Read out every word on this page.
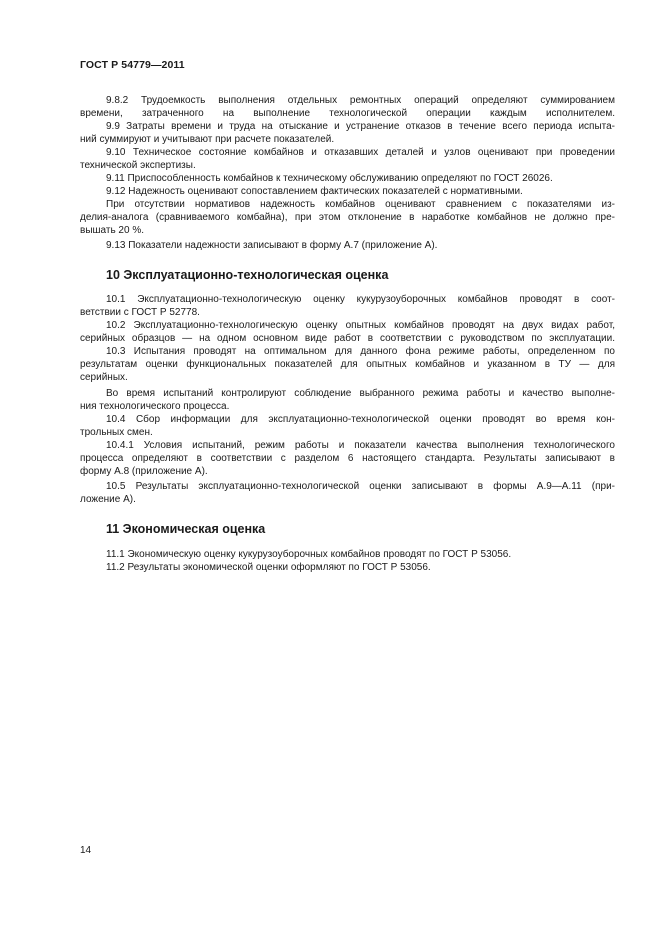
ГОСТ Р 54779—2011
9.8.2 Трудоемкость выполнения отдельных ремонтных операций определяют суммированием
времени, затраченного на выполнение технологической операции каждым исполнителем.
9.9 Затраты времени и труда на отыскание и устранение отказов в течение всего периода испыта-
ний суммируют и учитывают при расчете показателей.
9.10 Техническое состояние комбайнов и отказавших деталей и узлов оценивают при проведении
технической экспертизы.
9.11 Приспособленность комбайнов к техническому обслуживанию определяют по ГОСТ 26026.
9.12 Надежность оценивают сопоставлением фактических показателей с нормативными.
При отсутствии нормативов надежность комбайнов оценивают сравнением с показателями из-
делия-аналога (сравниваемого комбайна), при этом отклонение в наработке комбайнов не должно пре-
вышать 20 %.
9.13 Показатели надежности записывают в форму А.7 (приложение А).
10 Эксплуатационно-технологическая оценка
10.1 Эксплуатационно-технологическую оценку кукурузоуборочных комбайнов проводят в соот-
ветствии с ГОСТ Р 52778.
10.2 Эксплуатационно-технологическую оценку опытных комбайнов проводят на двух видах работ,
серийных образцов — на одном основном виде работ в соответствии с руководством по эксплуатации.
10.3 Испытания проводят на оптимальном для данного фона режиме работы, определенном по
результатам оценки функциональных показателей для опытных комбайнов и указанном в ТУ — для
серийных.
Во время испытаний контролируют соблюдение выбранного режима работы и качество выполне-
ния технологического процесса.
10.4 Сбор информации для эксплуатационно-технологической оценки проводят во время кон-
трольных смен.
10.4.1 Условия испытаний, режим работы и показатели качества выполнения технологического
процесса определяют в соответствии с разделом 6 настоящего стандарта. Результаты записывают в
форму А.8 (приложение А).
10.5 Результаты эксплуатационно-технологической оценки записывают в формы А.9—А.11 (при-
ложение А).
11 Экономическая оценка
11.1 Экономическую оценку кукурузоуборочных комбайнов проводят по ГОСТ Р 53056.
11.2 Результаты экономической оценки оформляют по ГОСТ Р 53056.
14
